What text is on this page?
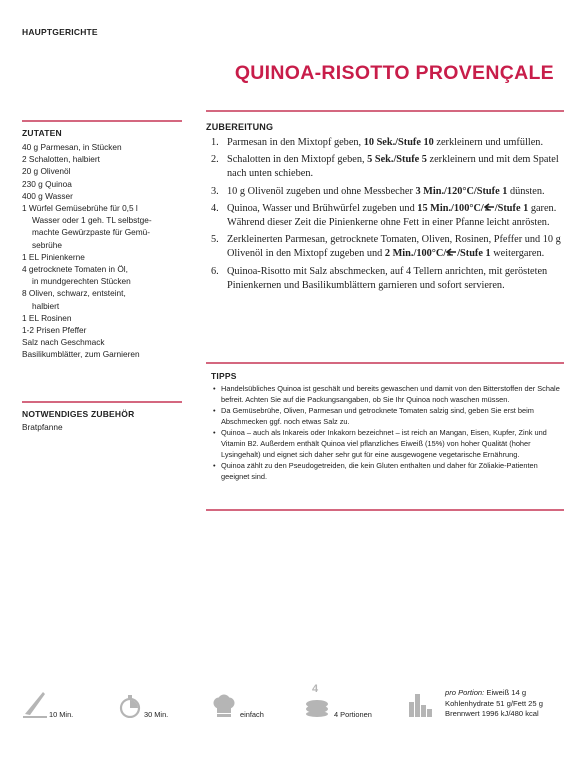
HAUPTGERICHTE
QUINOA-RISOTTO PROVENÇALE
ZUTATEN
40 g Parmesan, in Stücken
2 Schalotten, halbiert
20 g Olivenöl
230 g Quinoa
400 g Wasser
1 Würfel Gemüsebrühe für 0,5 l
Wasser oder 1 geh. TL selbstge-
machte Gewürzpaste für Gemü-
sebrühe
1 EL Pinienkerne
4 getrocknete Tomaten in Öl,
in mundgerechten Stücken
8 Oliven, schwarz, entsteint,
halbiert
1 EL Rosinen
1-2 Prisen Pfeffer
Salz nach Geschmack
Basilikumblätter, zum Garnieren
NOTWENDIGES ZUBEHÖR
Bratpfanne
ZUBEREITUNG
1. Parmesan in den Mixtopf geben, 10 Sek./Stufe 10 zerkleinern und umfüllen.
2. Schalotten in den Mixtopf geben, 5 Sek./Stufe 5 zerkleinern und mit dem Spatel nach unten schieben.
3. 10 g Olivenöl zugeben und ohne Messbecher 3 Min./120°C/Stufe 1 dünsten.
4. Quinoa, Wasser und Brühwürfel zugeben und 15 Min./100°C/ /Stufe 1 garen. Während dieser Zeit die Pinienkerne ohne Fett in einer Pfanne leicht anrösten.
5. Zerkleinerten Parmesan, getrocknete Tomaten, Oliven, Rosinen, Pfeffer und 10 g Olivenöl in den Mixtopf zugeben und 2 Min./100°C/ /Stufe 1 weitergaren.
6. Quinoa-Risotto mit Salz abschmecken, auf 4 Tellern anrichten, mit gerösteten Pinienkernen und Basilikumblättern garnieren und sofort servieren.
TIPPS
• Handelsübliches Quinoa ist geschält und bereits gewaschen und damit von den Bitterstoffen der Schale befreit. Achten Sie auf die Packungsangaben, ob Sie Ihr Quinoa noch waschen müssen.
• Da Gemüsebrühe, Oliven, Parmesan und getrocknete Tomaten salzig sind, geben Sie erst beim Abschmecken ggf. noch etwas Salz zu.
• Quinoa – auch als Inkareis oder Inkakorn bezeichnet – ist reich an Mangan, Eisen, Kupfer, Zink und Vitamin B2. Außerdem enthält Quinoa viel pflanzliches Eiweiß (15%) von hoher Qualität (hoher Lysingehalt) und eignet sich daher sehr gut für eine ausgewogene vegetarische Ernährung.
• Quinoa zählt zu den Pseudogetreiden, die kein Gluten enthalten und daher für Zöliakie-Patienten geeignet sind.
10 Min.	30 Min.	einfach
4
4 Portionen
pro Portion: Eiweiß 14 g
Kohlenhydrate 51 g/Fett 25 g
Brennwert 1996 kJ/480 kcal
